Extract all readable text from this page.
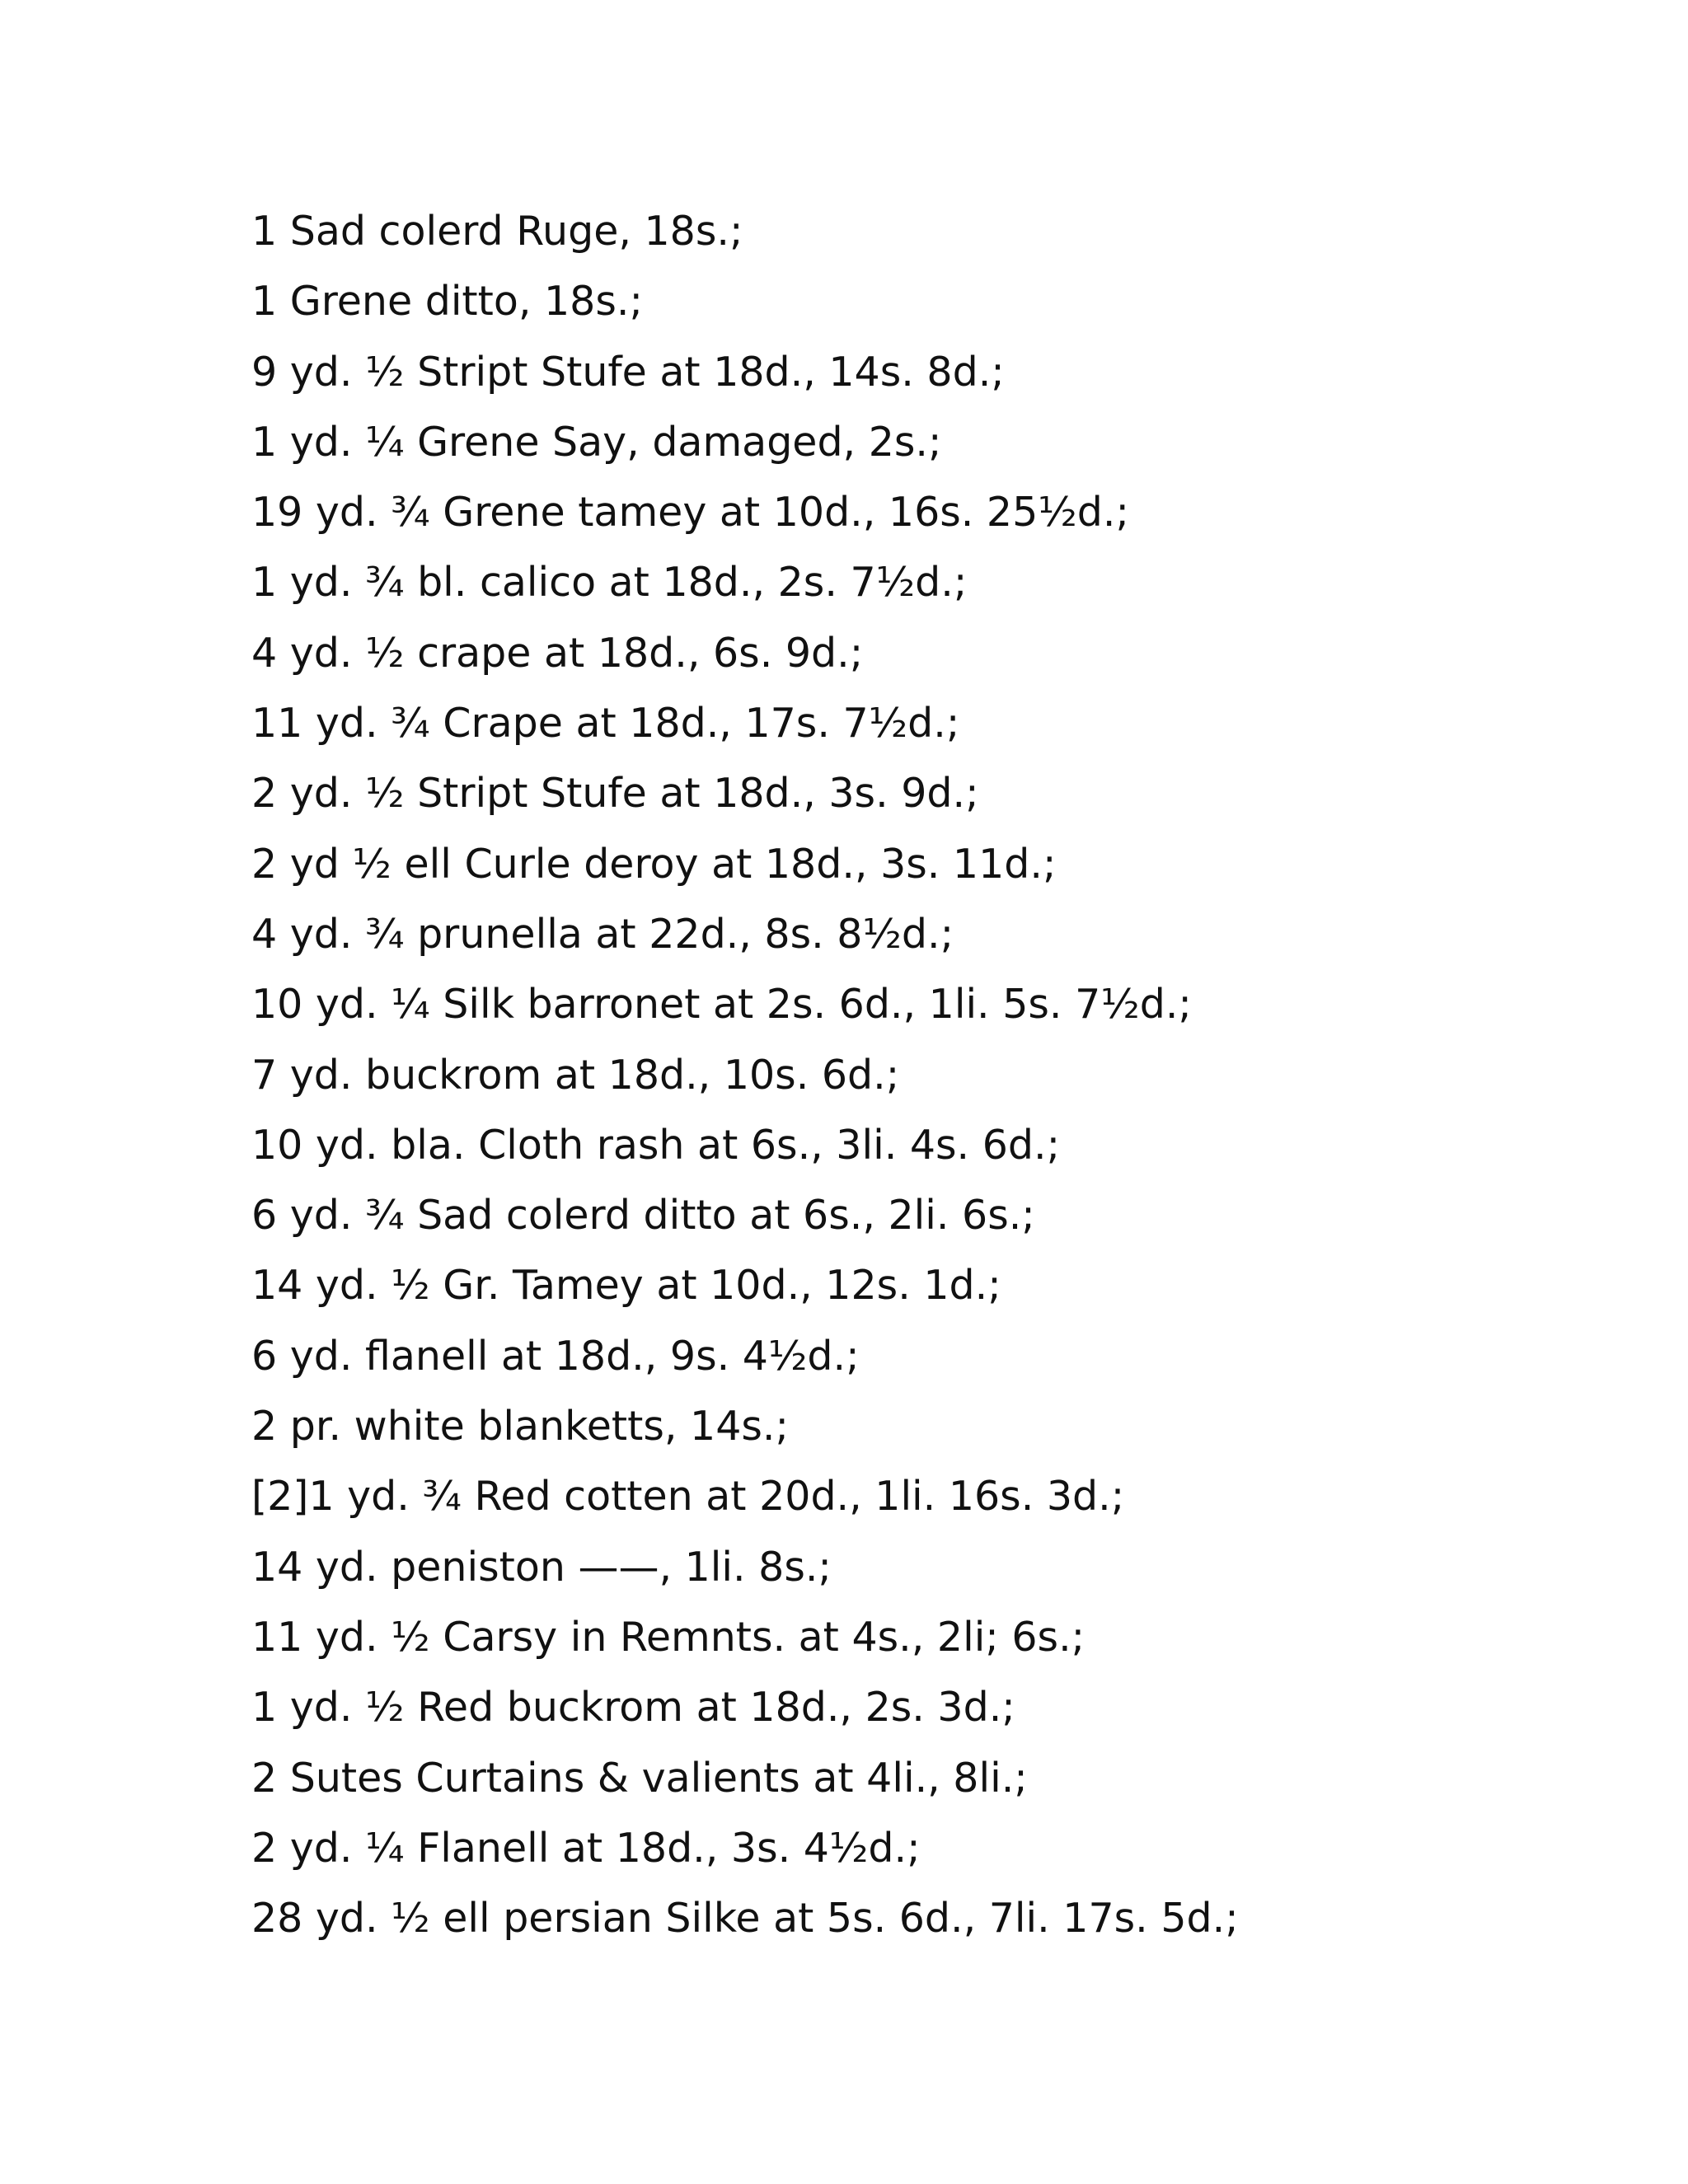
1 Sad colerd Ruge, 18s.;
1 Grene ditto, 18s.;
9 yd. ½ Stript Stufe at 18d., 14s. 8d.;
1 yd. ¼ Grene Say, damaged, 2s.;
19 yd. ¾ Grene tamey at 10d., 16s. 25½d.;
1 yd. ¾ bl. calico at 18d., 2s. 7½d.;
4 yd. ½ crape at 18d., 6s. 9d.;
11 yd. ¾ Crape at 18d., 17s. 7½d.;
2 yd. ½ Stript Stufe at 18d., 3s. 9d.;
2 yd ½ ell Curle deroy at 18d., 3s. 11d.;
4 yd. ¾ prunella at 22d., 8s. 8½d.;
10 yd. ¼ Silk barronet at 2s. 6d., 1li. 5s. 7½d.;
7 yd. buckrom at 18d., 10s. 6d.;
10 yd. bla. Cloth rash at 6s., 3li. 4s. 6d.;
6 yd. ¾ Sad colerd ditto at 6s., 2li. 6s.;
14 yd. ½ Gr. Tamey at 10d., 12s. 1d.;
6 yd. flanell at 18d., 9s. 4½d.;
2 pr. white blanketts, 14s.;
[2]1 yd. ¾ Red cotten at 20d., 1li. 16s. 3d.;
14 yd. peniston ——, 1li. 8s.;
11 yd. ½ Carsy in Remnts. at 4s., 2li; 6s.;
1 yd. ½ Red buckrom at 18d., 2s. 3d.;
2 Sutes Curtains & valients at 4li., 8li.;
2 yd. ¼ Flanell at 18d., 3s. 4½d.;
28 yd. ½ ell persian Silke at 5s. 6d., 7li. 17s. 5d.;
